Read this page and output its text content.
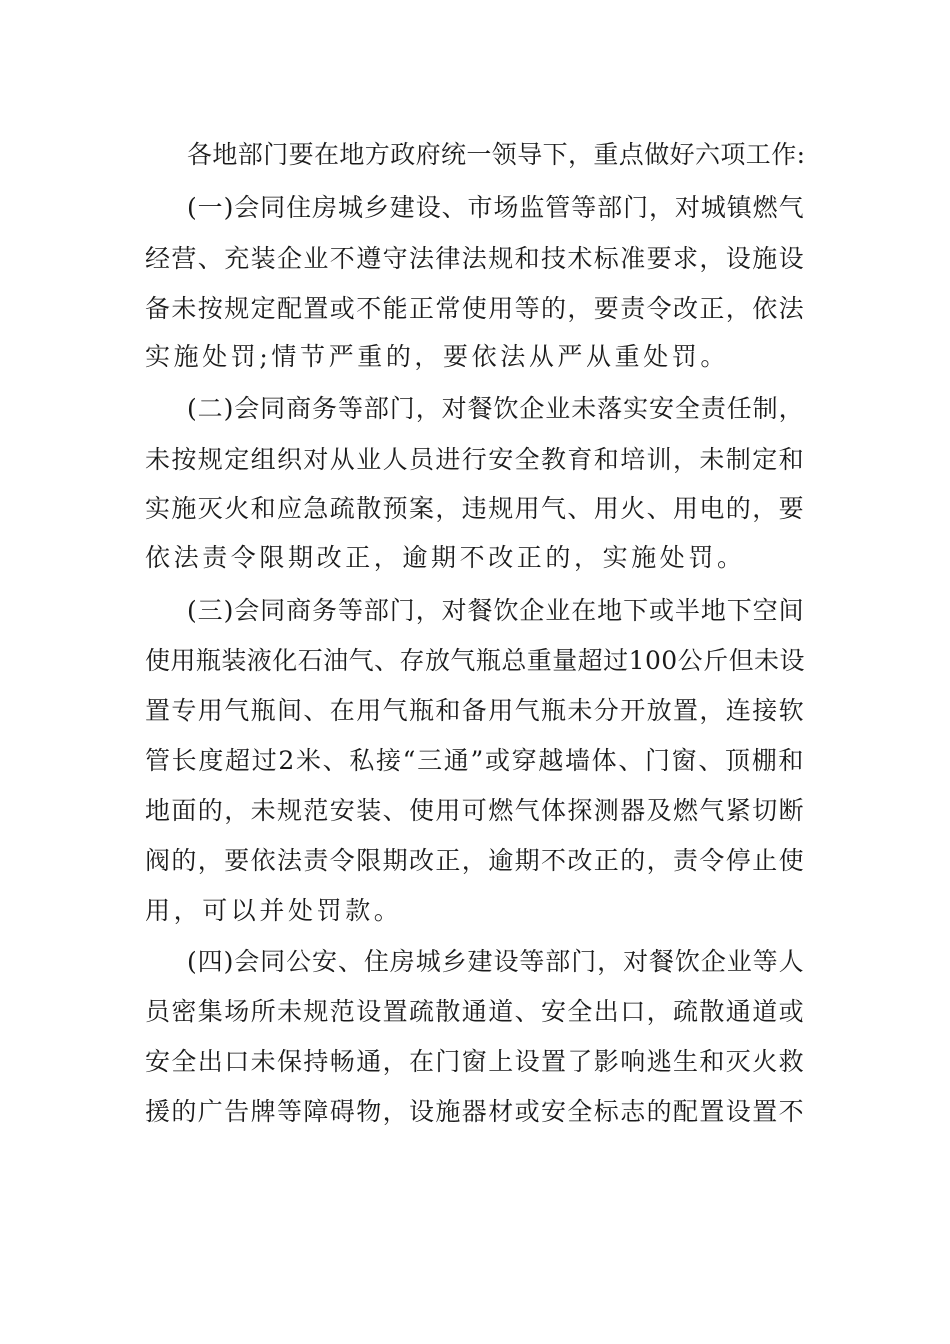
各地部门要在地方政府统一领导下，重点做好六项工作:
(一)会同住房城乡建设、市场监管等部门，对城镇燃气
经营、充装企业不遵守法律法规和技术标准要求，设施设
备未按规定配置或不能正常使用等的，要责令改正，依法
实施处罚;情节严重的，要依法从严从重处罚。
(二)会同商务等部门，对餐饮企业未落实安全责任制，
未按规定组织对从业人员进行安全教育和培训，未制定和
实施灭火和应急疏散预案，违规用气、用火、用电的，要
依法责令限期改正，逾期不改正的，实施处罚。
(三)会同商务等部门，对餐饮企业在地下或半地下空间
使用瓶装液化石油气、存放气瓶总重量超过100公斤但未设
置专用气瓶间、在用气瓶和备用气瓶未分开放置，连接软
管长度超过2米、私接“三通”或穿越墙体、门窗、顶棚和
地面的，未规范安装、使用可燃气体探测器及燃气紧切断
阀的，要依法责令限期改正，逾期不改正的，责令停止使
用，可以并处罚款。
(四)会同公安、住房城乡建设等部门，对餐饮企业等人
员密集场所未规范设置疏散通道、安全出口，疏散通道或
安全出口未保持畅通，在门窗上设置了影响逃生和灭火救
援的广告牌等障碍物，设施器材或安全标志的配置设置不
